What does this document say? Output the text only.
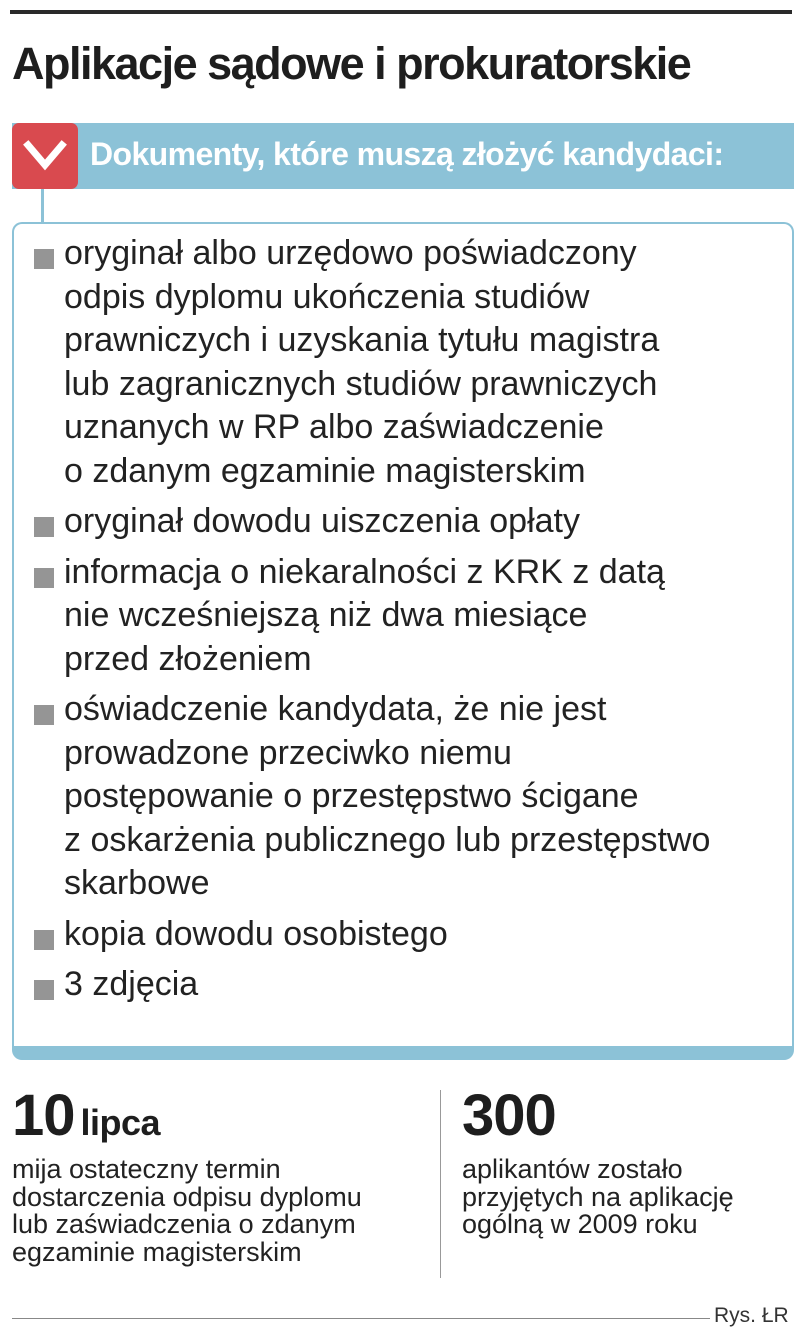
Aplikacje sądowe i prokuratorskie
Dokumenty, które muszą złożyć kandydaci:
oryginał albo urzędowo poświadczony
odpis dyplomu ukończenia studiów
prawniczych i uzyskania tytułu magistra
lub zagranicznych studiów prawniczych
uznanych w RP albo zaświadczenie
o zdanym egzaminie magisterskim
oryginał dowodu uiszczenia opłaty
informacja o niekaralności z KRK z datą
nie wcześniejszą niż dwa miesiące
przed złożeniem
oświadczenie kandydata, że nie jest
prowadzone przeciwko niemu
postępowanie o przestępstwo ścigane
z oskarżenia publicznego lub przestępstwo
skarbowe
kopia dowodu osobistego
3 zdjęcia
10 lipca
mija ostateczny termin
dostarczenia odpisu dyplomu
lub zaświadczenia o zdanym
egzaminie magisterskim
300
aplikantów zostało
przyjętych na aplikację
ogólną w 2009 roku
Rys. ŁR
